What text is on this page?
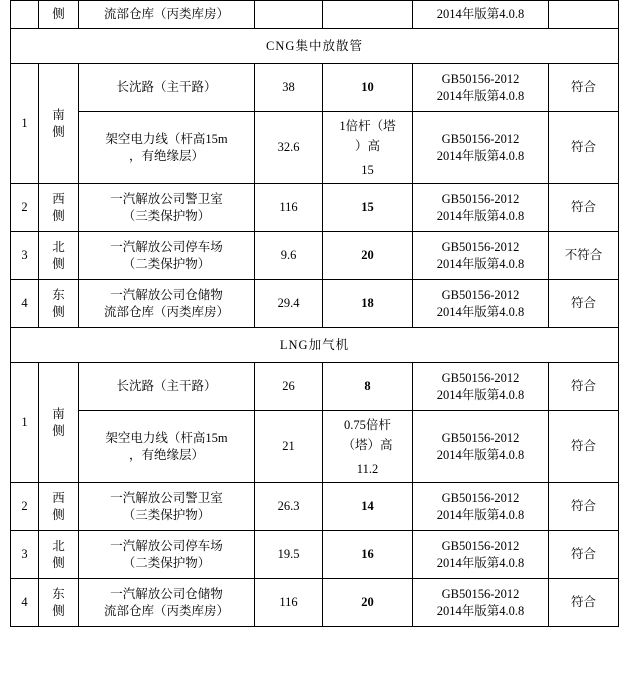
	侧	流部仓库（丙类库房）			2014年版第4.0.8	
CNG集中放散管						
1	南
侧	长沈路（主干路）	38	10	GB50156-2012
2014年版第4.0.8	符合

		架空电力线（杆高15m
，有绝缘层）	32.6	1倍杆（塔
）高
15	GB50156-2012
2014年版第4.0.8	符合
2	西
侧	一汽解放公司警卫室
（三类保护物）	116	15	GB50156-2012
2014年版第4.0.8	符合
3	北
侧	一汽解放公司停车场
（二类保护物）	9.6	20	GB50156-2012
2014年版第4.0.8	不符合
4	东
侧	一汽解放公司仓储物
流部仓库（丙类库房）	29.4	18	GB50156-2012
2014年版第4.0.8	符合
LNG加气机						
1	南
侧	长沈路（主干路）	26	8	GB50156-2012
2014年版第4.0.8	符合

		架空电力线（杆高15m
，有绝缘层）	21	0.75倍杆
（塔）高
11.2	GB50156-2012
2014年版第4.0.8	符合
2	西
侧	一汽解放公司警卫室
（三类保护物）	26.3	14	GB50156-2012
2014年版第4.0.8	符合
3	北
侧	一汽解放公司停车场
（二类保护物）	19.5	16	GB50156-2012
2014年版第4.0.8	符合
4	东
侧	一汽解放公司仓储物
流部仓库（丙类库房）	116	20	GB50156-2012
2014年版第4.0.8	符合
